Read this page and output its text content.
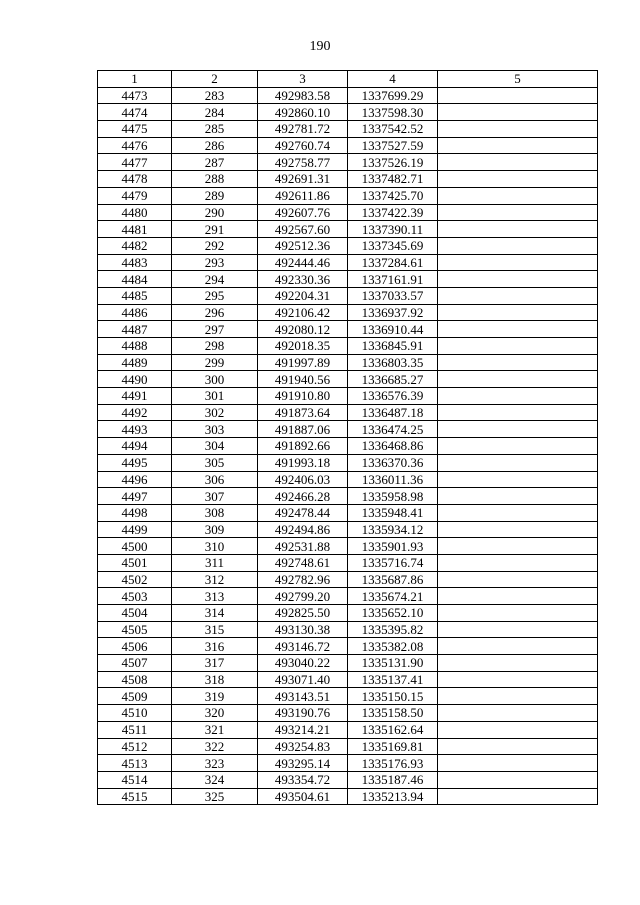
190
1	2	3	4	5
4473	283	492983.58	1337699.29	
4474	284	492860.10	1337598.30	
4475	285	492781.72	1337542.52	
4476	286	492760.74	1337527.59	
4477	287	492758.77	1337526.19	
4478	288	492691.31	1337482.71	
4479	289	492611.86	1337425.70	
4480	290	492607.76	1337422.39	
4481	291	492567.60	1337390.11	
4482	292	492512.36	1337345.69	
4483	293	492444.46	1337284.61	
4484	294	492330.36	1337161.91	
4485	295	492204.31	1337033.57	
4486	296	492106.42	1336937.92	
4487	297	492080.12	1336910.44	
4488	298	492018.35	1336845.91	
4489	299	491997.89	1336803.35	
4490	300	491940.56	1336685.27	
4491	301	491910.80	1336576.39	
4492	302	491873.64	1336487.18	
4493	303	491887.06	1336474.25	
4494	304	491892.66	1336468.86	
4495	305	491993.18	1336370.36	
4496	306	492406.03	1336011.36	
4497	307	492466.28	1335958.98	
4498	308	492478.44	1335948.41	
4499	309	492494.86	1335934.12	
4500	310	492531.88	1335901.93	
4501	311	492748.61	1335716.74	
4502	312	492782.96	1335687.86	
4503	313	492799.20	1335674.21	
4504	314	492825.50	1335652.10	
4505	315	493130.38	1335395.82	
4506	316	493146.72	1335382.08	
4507	317	493040.22	1335131.90	
4508	318	493071.40	1335137.41	
4509	319	493143.51	1335150.15	
4510	320	493190.76	1335158.50	
4511	321	493214.21	1335162.64	
4512	322	493254.83	1335169.81	
4513	323	493295.14	1335176.93	
4514	324	493354.72	1335187.46	
4515	325	493504.61	1335213.94	
